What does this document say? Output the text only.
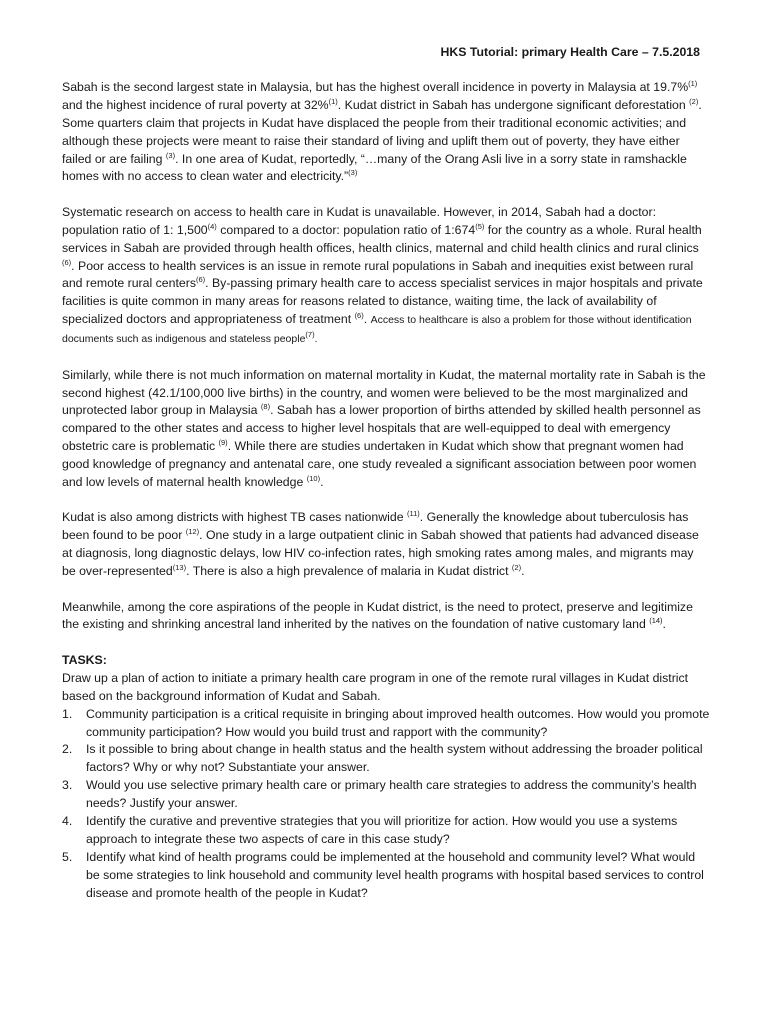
HKS Tutorial: primary Health Care – 7.5.2018

Sabah is the second largest state in Malaysia, but has the highest overall incidence in poverty in Malaysia at 19.7%$^{(1)}$ and the highest incidence of rural poverty at 32%$^{(1)}$. Kudat district in Sabah has undergone significant deforestation $^{(2)}$. Some quarters claim that projects in Kudat have displaced the people from their traditional economic activities; and although these projects were meant to raise their standard of living and uplift them out of poverty, they have either failed or are failing $^{(3)}$. In one area of Kudat, reportedly, “…many of the Orang Asli live in a sorry state in ramshackle homes with no access to clean water and electricity.”$^{(3)}$

Systematic research on access to health care in Kudat is unavailable. However, in 2014, Sabah had a doctor: population ratio of 1: 1,500$^{(4)}$ compared to a doctor: population ratio of 1:674$^{(5)}$ for the country as a whole. Rural health services in Sabah are provided through health offices, health clinics, maternal and child health clinics and rural clinics $^{(6)}$. Poor access to health services is an issue in remote rural populations in Sabah and inequities exist between rural and remote rural centers$^{(6)}$. By-passing primary health care to access specialist services in major hospitals and private facilities is quite common in many areas for reasons related to distance, waiting time, the lack of availability of specialized doctors and appropriateness of treatment $^{(6)}$. Access to healthcare is also a problem for those without identification documents such as indigenous and stateless people$^{(7)}$.

Similarly, while there is not much information on maternal mortality in Kudat, the maternal mortality rate in Sabah is the second highest (42.1/100,000 live births) in the country, and women were believed to be the most marginalized and unprotected labor group in Malaysia $^{(8)}$. Sabah has a lower proportion of births attended by skilled health personnel as compared to the other states and access to higher level hospitals that are well-equipped to deal with emergency obstetric care is problematic $^{(9)}$. While there are studies undertaken in Kudat which show that pregnant women had good knowledge of pregnancy and antenatal care, one study revealed a significant association between poor women and low levels of maternal health knowledge $^{(10)}$.

Kudat is also among districts with highest TB cases nationwide $^{(11)}$. Generally the knowledge about tuberculosis has been found to be poor $^{(12)}$. One study in a large outpatient clinic in Sabah showed that patients had advanced disease at diagnosis, long diagnostic delays, low HIV co-infection rates, high smoking rates among males, and migrants may be over-represented$^{(13)}$. There is also a high prevalence of malaria in Kudat district $^{(2)}$.

Meanwhile, among the core aspirations of the people in Kudat district, is the need to protect, preserve and legitimize the existing and shrinking ancestral land inherited by the natives on the foundation of native customary land $^{(14)}$.

TASKS:
Draw up a plan of action to initiate a primary health care program in one of the remote rural villages in Kudat district based on the background information of Kudat and Sabah.
1. Community participation is a critical requisite in bringing about improved health outcomes. How would you promote community participation? How would you build trust and rapport with the community?
2. Is it possible to bring about change in health status and the health system without addressing the broader political factors? Why or why not? Substantiate your answer.
3. Would you use selective primary health care or primary health care strategies to address the community’s health needs? Justify your answer.
4. Identify the curative and preventive strategies that you will prioritize for action. How would you use a systems approach to integrate these two aspects of care in this case study?
5. Identify what kind of health programs could be implemented at the household and community level? What would be some strategies to link household and community level health programs with hospital based services to control disease and promote health of the people in Kudat?
